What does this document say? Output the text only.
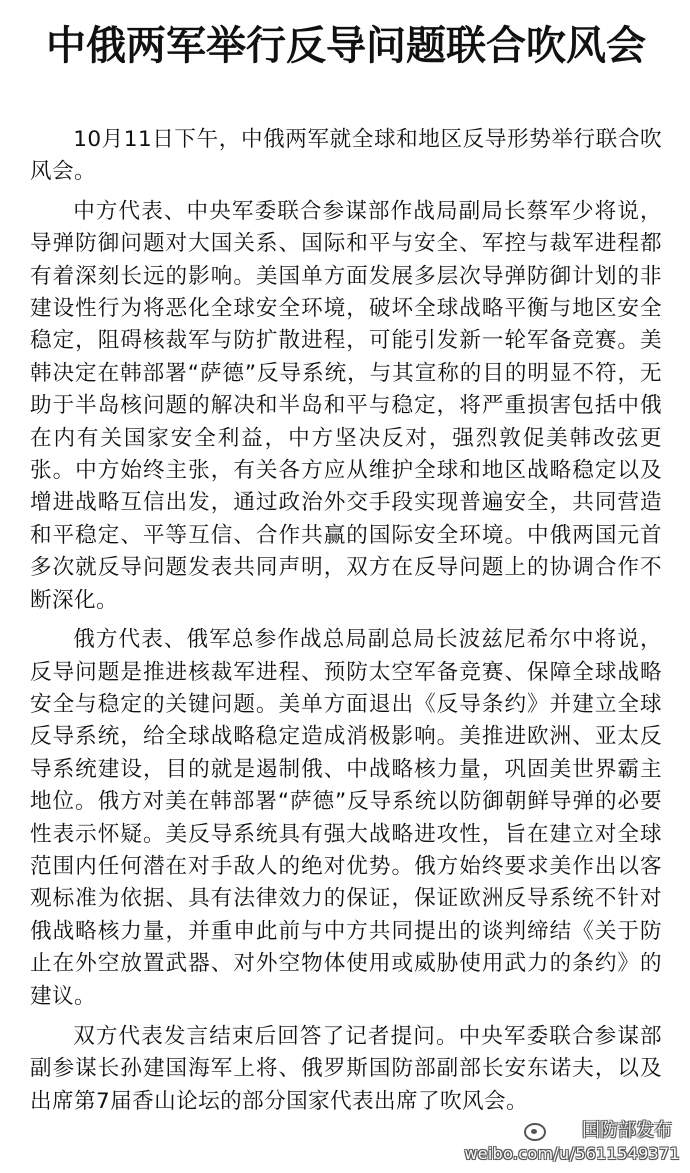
中俄两军举行反导问题联合吹风会

10月11日下午，中俄两军就全球和地区反导形势举行联合吹风会。

中方代表、中央军委联合参谋部作战局副局长蔡军少将说，导弹防御问题对大国关系、国际和平与安全、军控与裁军进程都有着深刻长远的影响。美国单方面发展多层次导弹防御计划的非建设性行为将恶化全球安全环境，破坏全球战略平衡与地区安全稳定，阻碍核裁军与防扩散进程，可能引发新一轮军备竞赛。美韩决定在韩部署“萨德”反导系统，与其宣称的目的明显不符，无助于半岛核问题的解决和半岛和平与稳定，将严重损害包括中俄在内有关国家安全利益，中方坚决反对，强烈敦促美韩改弦更张。中方始终主张，有关各方应从维护全球和地区战略稳定以及增进战略互信出发，通过政治外交手段实现普遍安全，共同营造和平稳定、平等互信、合作共赢的国际安全环境。中俄两国元首多次就反导问题发表共同声明，双方在反导问题上的协调合作不断深化。

俄方代表、俄军总参作战总局副总局长波兹尼希尔中将说，反导问题是推进核裁军进程、预防太空军备竞赛、保障全球战略安全与稳定的关键问题。美单方面退出《反导条约》并建立全球反导系统，给全球战略稳定造成消极影响。美推进欧洲、亚太反导系统建设，目的就是遏制俄、中战略核力量，巩固美世界霸主地位。俄方对美在韩部署“萨德”反导系统以防御朝鲜导弹的必要性表示怀疑。美反导系统具有强大战略进攻性，旨在建立对全球范围内任何潜在对手敌人的绝对优势。俄方始终要求美作出以客观标准为依据、具有法律效力的保证，保证欧洲反导系统不针对俄战略核力量，并重申此前与中方共同提出的谈判缔结《关于防止在外空放置武器、对外空物体使用或威胁使用武力的条约》的建议。

双方代表发言结束后回答了记者提问。中央军委联合参谋部副参谋长孙建国海军上将、俄罗斯国防部副部长安东诺夫，以及出席第7届香山论坛的部分国家代表出席了吹风会。

国防部发布
weibo.com/u/5611549371
